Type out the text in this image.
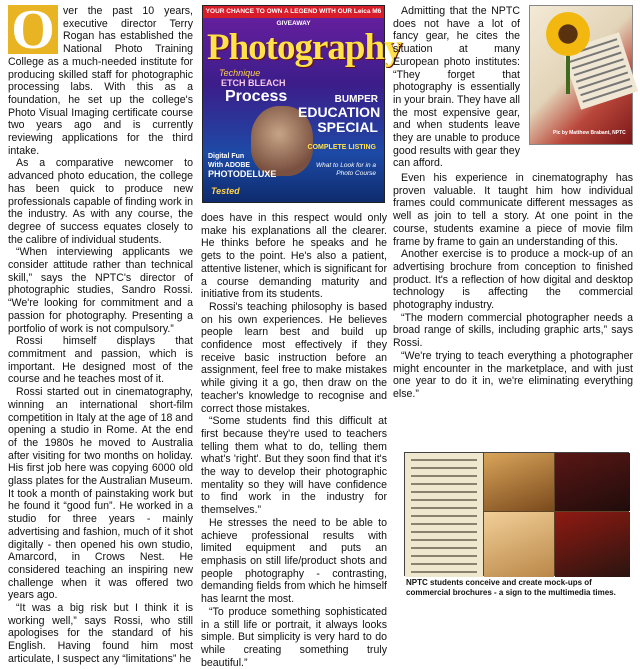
O ver the past 10 years, executive director Terry Rogan has established the National Photo Training College as a much-needed institute for producing skilled staff for photographic processing labs. With this as a foundation, he set up the college's Photo Visual Imaging certificate course two years ago and is currently reviewing applications for the third intake.

As a comparative newcomer to advanced photo education, the college has been quick to produce new professionals capable of finding work in the industry. As with any course, the degree of success equates closely to the calibre of individual students.

“When interviewing applicants we consider attitude rather than technical skill,” says the NPTC's director of photographic studies, Sandro Rossi. “We're looking for commitment and a passion for photography. Presenting a portfolio of work is not compulsory.”

Rossi himself displays that commitment and passion, which is important. He designed most of the course and he teaches most of it.

Rossi started out in cinematography, winning an international short-film competition in Italy at the age of 18 and opening a studio in Rome. At the end of the 1980s he moved to Australia after visiting for two months on holiday. His first job here was copying 6000 old glass plates for the Australian Museum. It took a month of painstaking work but he found it “good fun”. He worked in a studio for three years - mainly advertising and fashion, much of it shot digitally - then opened his own studio, Amarcord, in Crows Nest. He considered teaching an inspiring new challenge when it was offered two years ago.

“It was a big risk but I think it is working well,” says Rossi, who still apologises for the standard of his English. Having found him most articulate, I suspect any “limitations” he

YOUR CHANCE TO OWN A LEGEND WITH OUR Leica M6 GIVEAWAY
Photography
Technique
ETCH BLEACH
Process	BUMPER
EDUCATION
SPECIAL
COMPLETE LISTING
What to Look for in a Photo Course
Digital Fun
With ADOBE
PHOTODELUXE
Tested

does have in this respect would only make his explanations all the clearer. He thinks before he speaks and he gets to the point. He's also a patient, attentive listener, which is significant for a course demanding maturity and initiative from its students.

Rossi's teaching philosophy is based on his own experiences. He believes people learn best and build up confidence most effectively if they receive basic instruction before an assignment, feel free to make mistakes while giving it a go, then draw on the teacher's knowledge to recognise and correct those mistakes.

“Some students find this difficult at first because they're used to teachers telling them what to do, telling them what's 'right'. But they soon find that it's the way to develop their photographic mentality so they will have confidence to find work in the industry for themselves.”

He stresses the need to be able to achieve professional results with limited equipment and puts an emphasis on still life/product shots and people photography - contrasting, demanding fields from which he himself has learnt the most.

“To produce something sophisticated in a still life or portrait, it always looks simple. But simplicity is very hard to do while creating something truly beautiful.”

Admitting that the NPTC does not have a lot of fancy gear, he cites the situation at many European photo institutes: “They forget that photography is essentially in your brain. They have all the most expensive gear, and when students leave they are unable to produce good results with gear they can afford.

Pic by Matthew Brabant, NPTC

Even his experience in cinematography has proven valuable. It taught him how individual frames could communicate different messages as well as join to tell a story. At one point in the course, students examine a piece of movie film frame by frame to gain an understanding of this.

Another exercise is to produce a mock-up of an advertising brochure from conception to finished product. It's a reflection of how digital and desktop technology is affecting the commercial photography industry.

“The modern commercial photographer needs a broad range of skills, including graphic arts,” says Rossi.

“We're trying to teach everything a photographer might encounter in the marketplace, and with just one year to do it in, we're eliminating everything else.”

NPTC students conceive and create mock-ups of commercial brochures - a sign to the multimedia times.
